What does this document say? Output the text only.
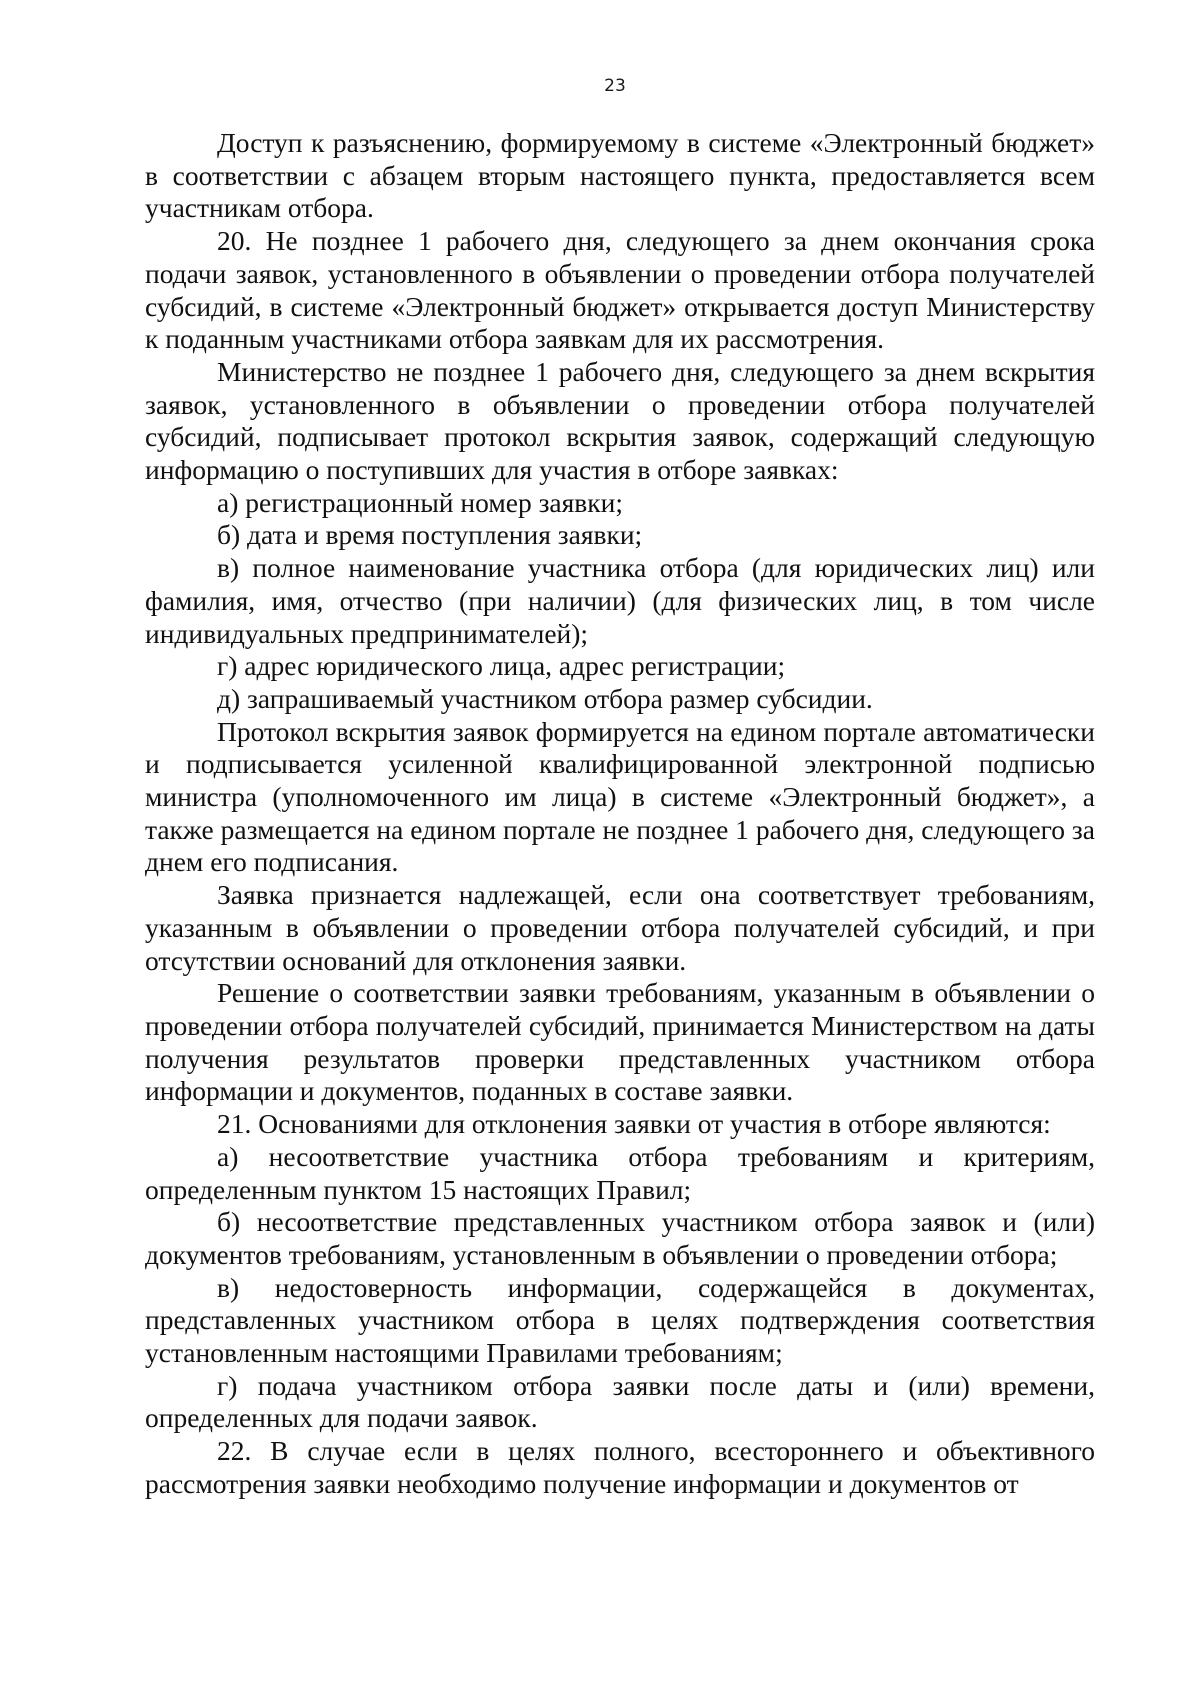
23

Доступ к разъяснению, формируемому в системе «Электронный бюджет» в соответствии с абзацем вторым настоящего пункта, предоставляется всем участникам отбора.

20. Не позднее 1 рабочего дня, следующего за днем окончания срока подачи заявок, установленного в объявлении о проведении отбора получателей субсидий, в системе «Электронный бюджет» открывается доступ Министерству к поданным участниками отбора заявкам для их рассмотрения.

Министерство не позднее 1 рабочего дня, следующего за днем вскрытия заявок, установленного в объявлении о проведении отбора получателей субсидий, подписывает протокол вскрытия заявок, содержащий следующую информацию о поступивших для участия в отборе заявках:

а) регистрационный номер заявки;

б) дата и время поступления заявки;

в) полное наименование участника отбора (для юридических лиц) или фамилия, имя, отчество (при наличии) (для физических лиц, в том числе индивидуальных предпринимателей);

г) адрес юридического лица, адрес регистрации;

д) запрашиваемый участником отбора размер субсидии.

Протокол вскрытия заявок формируется на едином портале автоматически и подписывается усиленной квалифицированной электронной подписью министра (уполномоченного им лица) в системе «Электронный бюджет», а также размещается на едином портале не позднее 1 рабочего дня, следующего за днем его подписания.

Заявка признается надлежащей, если она соответствует требованиям, указанным в объявлении о проведении отбора получателей субсидий, и при отсутствии оснований для отклонения заявки.

Решение о соответствии заявки требованиям, указанным в объявлении о проведении отбора получателей субсидий, принимается Министерством на даты получения результатов проверки представленных участником отбора информации и документов, поданных в составе заявки.

21. Основаниями для отклонения заявки от участия в отборе являются:

а) несоответствие участника отбора требованиям и критериям, определенным пунктом 15 настоящих Правил;

б) несоответствие представленных участником отбора заявок и (или) документов требованиям, установленным в объявлении о проведении отбора;

в) недостоверность информации, содержащейся в документах, представленных участником отбора в целях подтверждения соответствия установленным настоящими Правилами требованиям;

г) подача участником отбора заявки после даты и (или) времени, определенных для подачи заявок.

22. В случае если в целях полного, всестороннего и объективного рассмотрения заявки необходимо получение информации и документов от
